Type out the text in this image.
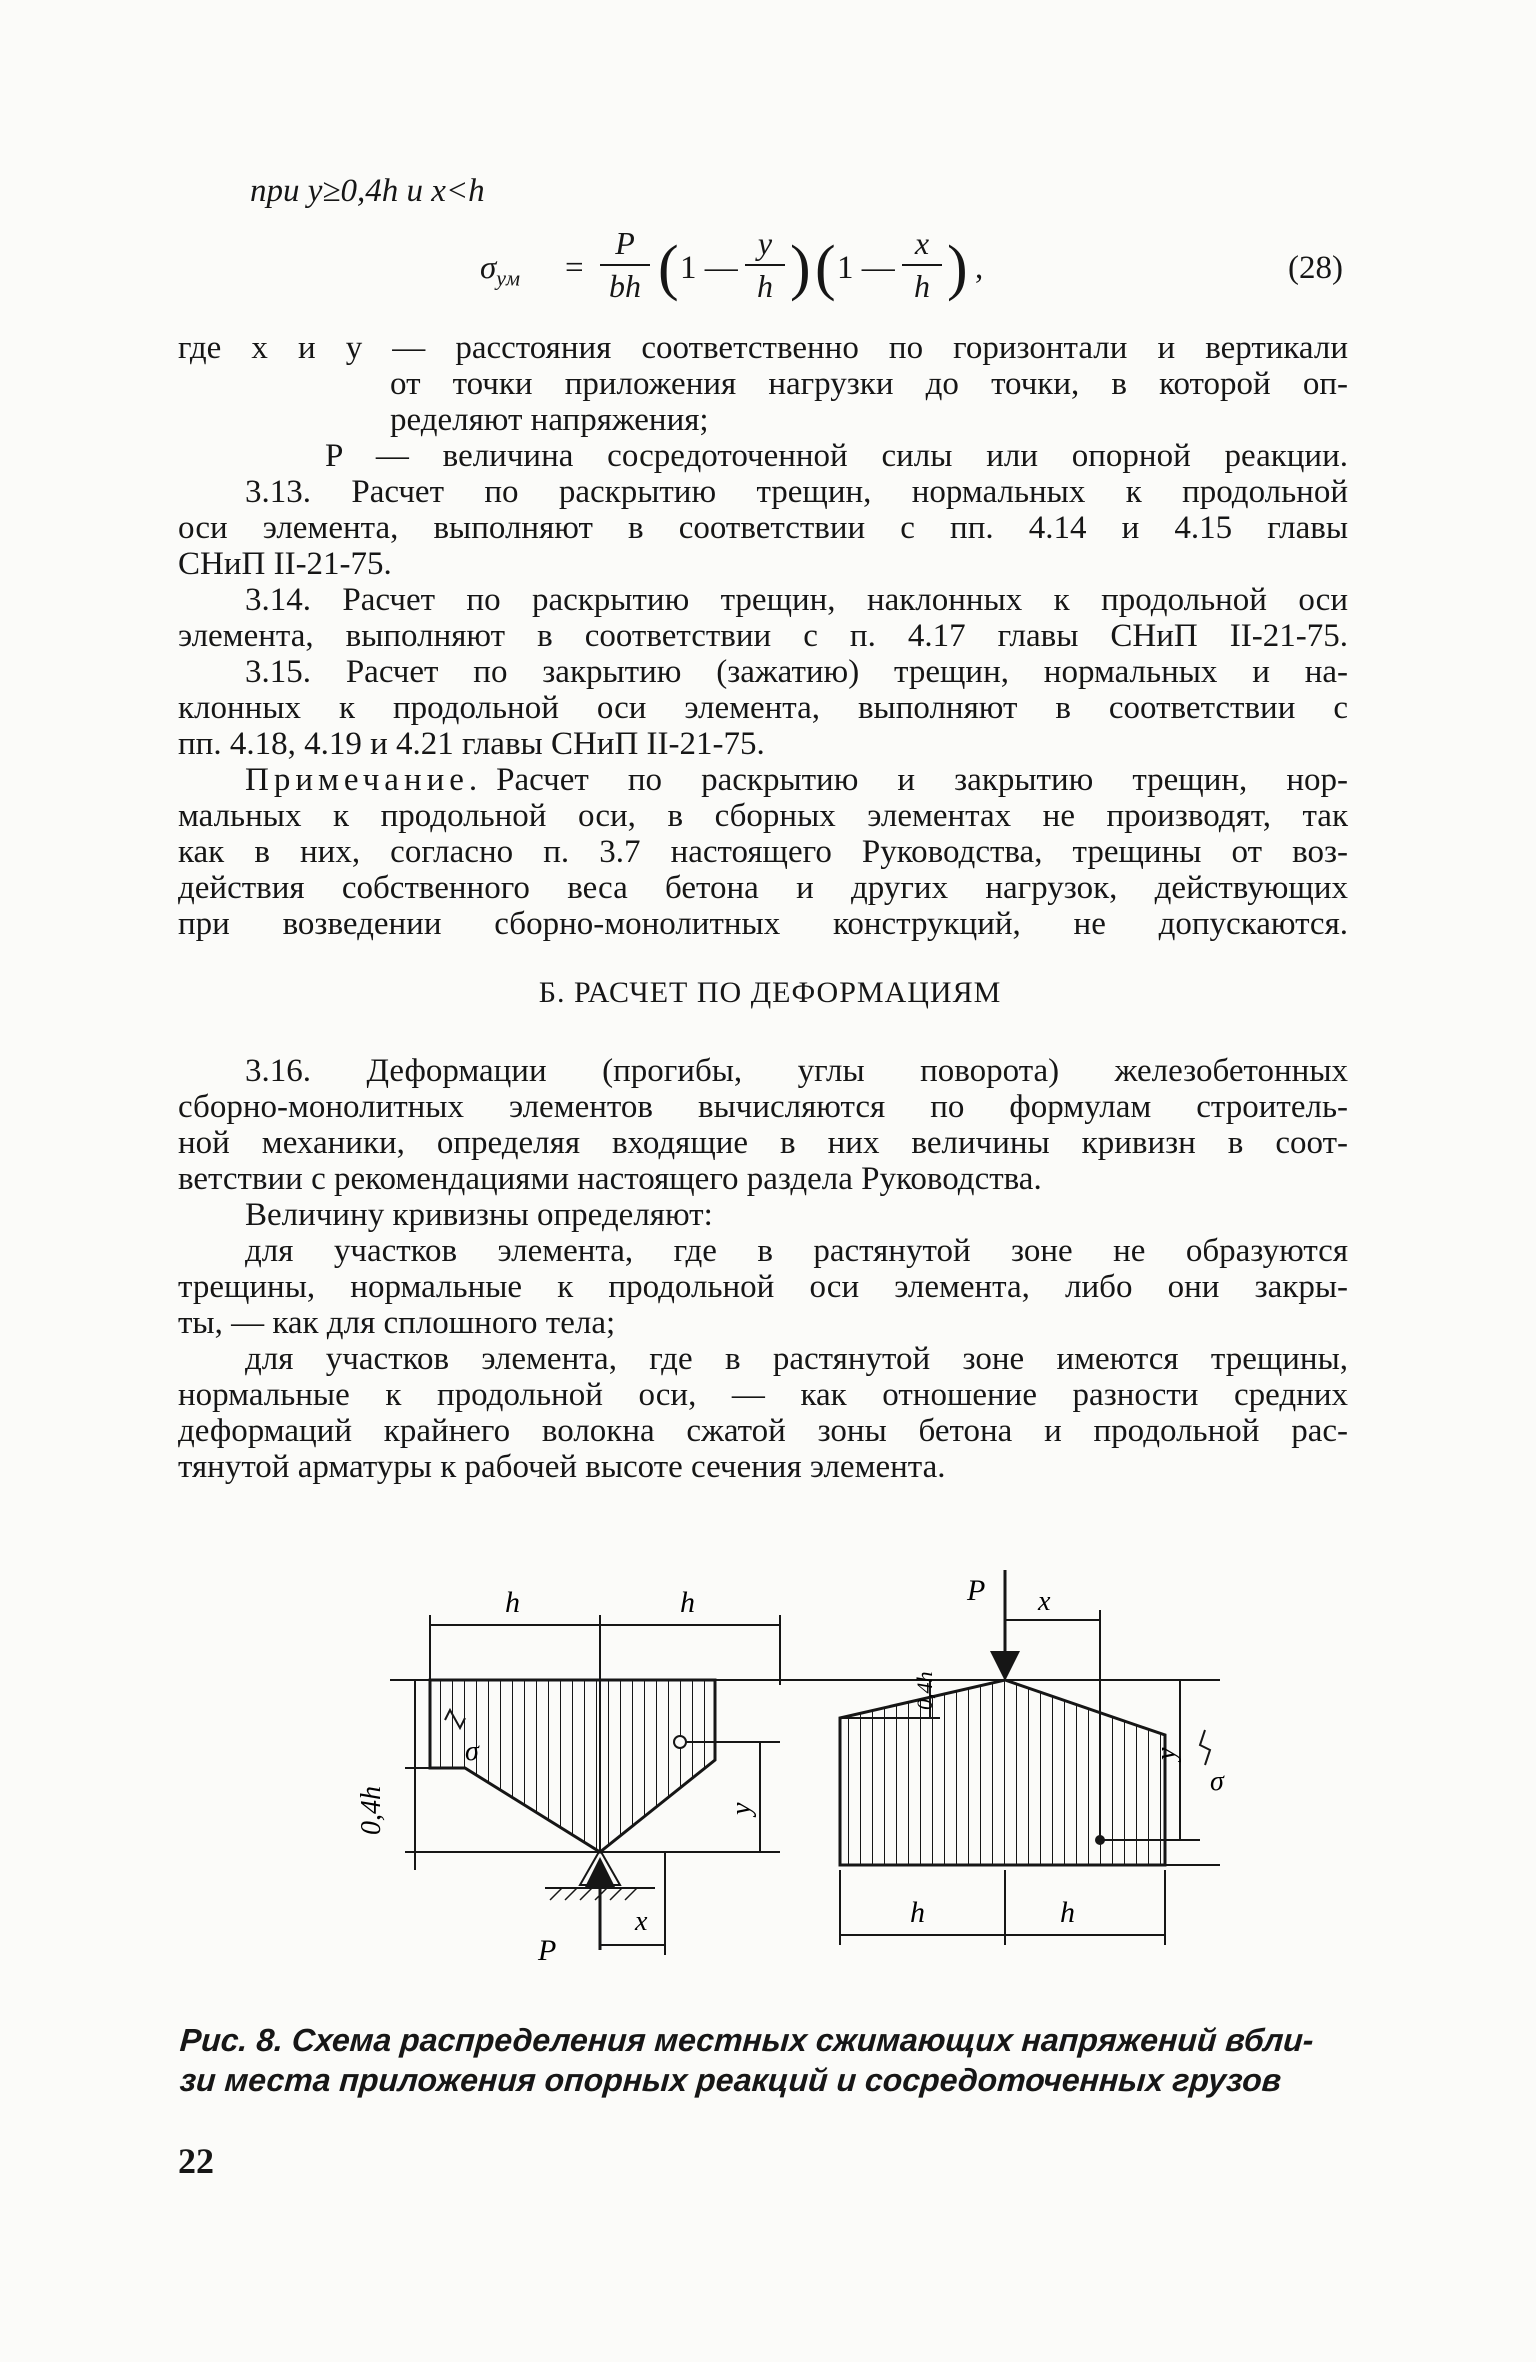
при y≥0,4h и x<h
$\sigma_{yм}$ =
P
bh ( 1 —
y
h ) ( 1 —
x
h ) ,	(28)
где x и y — расстояния соответственно по горизонтали и вертикали
от точки приложения нагрузки до точки, в которой оп-
ределяют напряжения;
P — величина сосредоточенной силы или опорной реакции.
3.13. Расчет по раскрытию трещин, нормальных к продольной
оси элемента, выполняют в соответствии с пп. 4.14 и 4.15 главы
СНиП II-21-75.
3.14. Расчет по раскрытию трещин, наклонных к продольной оси
элемента, выполняют в соответствии с п. 4.17 главы СНиП II-21-75.
3.15. Расчет по закрытию (зажатию) трещин, нормальных и на-
клонных к продольной оси элемента, выполняют в соответствии с
пп. 4.18, 4.19 и 4.21 главы СНиП II-21-75.
Примечание. Расчет по раскрытию и закрытию трещин, нор-
мальных к продольной оси, в сборных элементах не производят, так
как в них, согласно п. 3.7 настоящего Руководства, трещины от воз-
действия собственного веса бетона и других нагрузок, действующих
при возведении сборно-монолитных конструкций, не допускаются.
Б. РАСЧЕТ ПО ДЕФОРМАЦИЯМ
3.16. Деформации (прогибы, углы поворота) железобетонных
сборно-монолитных элементов вычисляются по формулам строитель-
ной механики, определяя входящие в них величины кривизн в соот-
ветствии с рекомендациями настоящего раздела Руководства.
Величину кривизны определяют:
для участков элемента, где в растянутой зоне не образуются
трещины, нормальные к продольной оси элемента, либо они закры-
ты, — как для сплошного тела;
для участков элемента, где в растянутой зоне имеются трещины,
нормальные к продольной оси, — как отношение разности средних
деформаций крайнего волокна сжатой зоны бетона и продольной рас-
тянутой арматуры к рабочей высоте сечения элемента.
h	h
0,4h
σ
y
P
x
P x
0,4h
y
σ
h	h
Рис. 8. Схема распределения местных сжимающих напряжений вбли-
зи места приложения опорных реакций и сосредоточенных грузов
22
